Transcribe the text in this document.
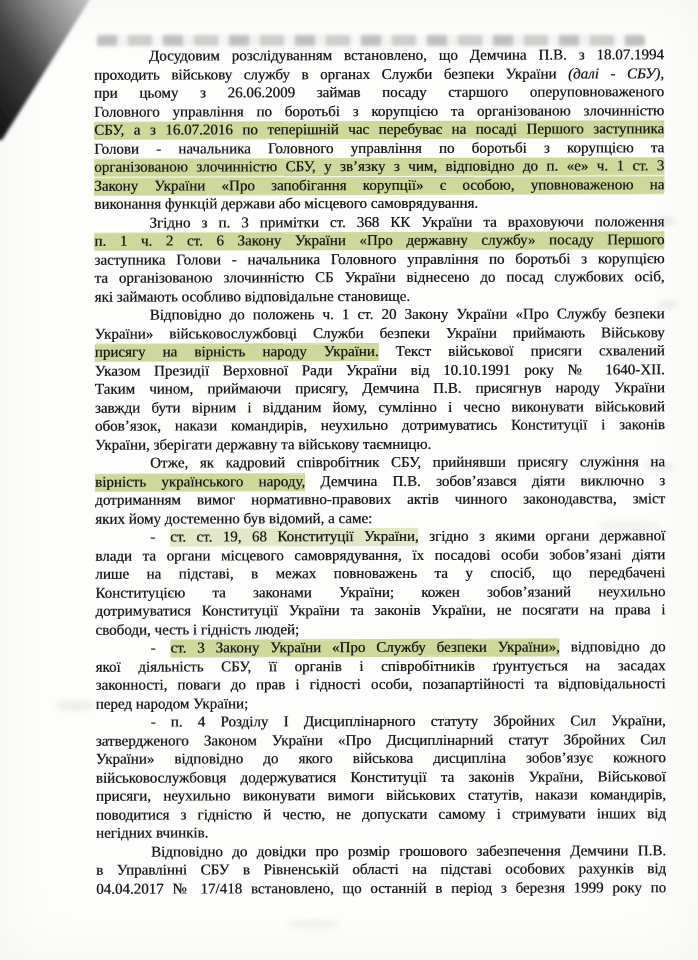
Досудовим розслідуванням встановлено, що Демчина П.В. з 18.07.1994
проходить військову службу в органах Служби безпеки України (далі - СБУ),
при цьому з 26.06.2009 займав посаду старшого оперуповноваженого
Головного управління по боротьбі з корупцією та організованою злочинністю
СБУ, а з 16.07.2016 по теперішній час перебуває на посаді Першого заступника
Голови - начальника Головного управління по боротьбі з корупцією та
організованою злочинністю СБУ, у зв’язку з чим, відповідно до п. «е» ч. 1 ст. 3
Закону України «Про запобігання корупції» є особою, уповноваженою на
виконання функцій держави або місцевого самоврядування.
Згідно з п. 3 примітки ст. 368 КК України та враховуючи положення
п. 1 ч. 2 ст. 6 Закону України «Про державну службу» посаду Першого
заступника Голови - начальника Головного управління по боротьбі з корупцією
та організованою злочинністю СБ України віднесено до посад службових осіб,
які займають особливо відповідальне становище.
Відповідно до положень ч. 1 ст. 20 Закону України «Про Службу безпеки
України» військовослужбовці Служби безпеки України приймають Військову
присягу на вірність народу України. Текст військової присяги схвалений
Указом Президії Верховної Ради України від 10.10.1991 року № 1640-XII.
Таким чином, приймаючи присягу, Демчина П.В. присягнув народу України
завжди бути вірним і відданим йому, сумлінно і чесно виконувати військовий
обов’язок, накази командирів, неухильно дотримуватись Конституції і законів
України, зберігати державну та військову таємницю.
Отже, як кадровий співробітник СБУ, прийнявши присягу служіння на
вірність українського народу, Демчина П.В. зобов’язався діяти виключно з
дотриманням вимог нормативно-правових актів чинного законодавства, зміст
яких йому достеменно був відомий, а саме:
- ст. ст. 19, 68 Конституції України, згідно з якими органи державної
влади та органи місцевого самоврядування, їх посадові особи зобов’язані діяти
лише на підставі, в межах повноважень та у спосіб, що передбачені
Конституцією та законами України; кожен зобов’язаний неухильно
дотримуватися Конституції України та законів України, не посягати на права і
свободи, честь і гідність людей;
- ст. 3 Закону України «Про Службу безпеки України», відповідно до
якої діяльність СБУ, її органів і співробітників ґрунтується на засадах
законності, поваги до прав і гідності особи, позапартійності та відповідальності
перед народом України;
- п. 4 Розділу І Дисциплінарного статуту Збройних Сил України,
затвердженого Законом України «Про Дисциплінарний статут Збройних Сил
України» відповідно до якого військова дисципліна зобов’язує кожного
військовослужбовця додержуватися Конституції та законів України, Військової
присяги, неухильно виконувати вимоги військових статутів, накази командирів,
поводитися з гідністю й честю, не допускати самому і стримувати інших від
негідних вчинків.
Відповідно до довідки про розмір грошового забезпечення Демчини П.В.
в Управлінні СБУ в Рівненській області на підставі особових рахунків від
04.04.2017 № 17/418 встановлено, що останній в період з березня 1999 року по
